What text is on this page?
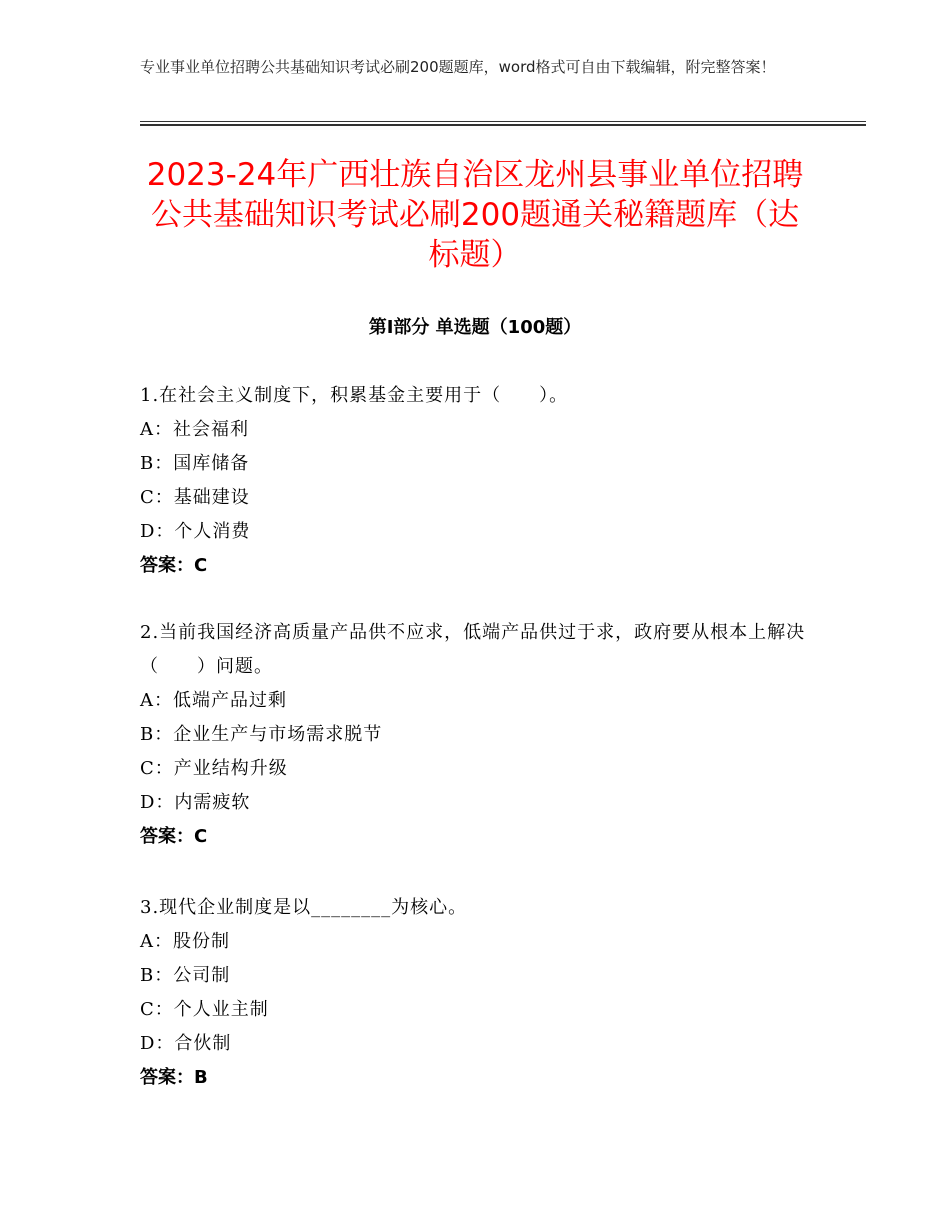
专业事业单位招聘公共基础知识考试必刷200题题库，word格式可自由下载编辑，附完整答案！
2023-24年广西壮族自治区龙州县事业单位招聘公共基础知识考试必刷200题通关秘籍题库（达标题）
第Ⅰ部分 单选题（100题）
1.在社会主义制度下，积累基金主要用于（　　）。
A：社会福利
B：国库储备
C：基础建设
D：个人消费
答案：C
2.当前我国经济高质量产品供不应求，低端产品供过于求，政府要从根本上解决（　　）问题。
A：低端产品过剩
B：企业生产与市场需求脱节
C：产业结构升级
D：内需疲软
答案：C
3.现代企业制度是以________为核心。
A：股份制
B：公司制
C：个人业主制
D：合伙制
答案：B
